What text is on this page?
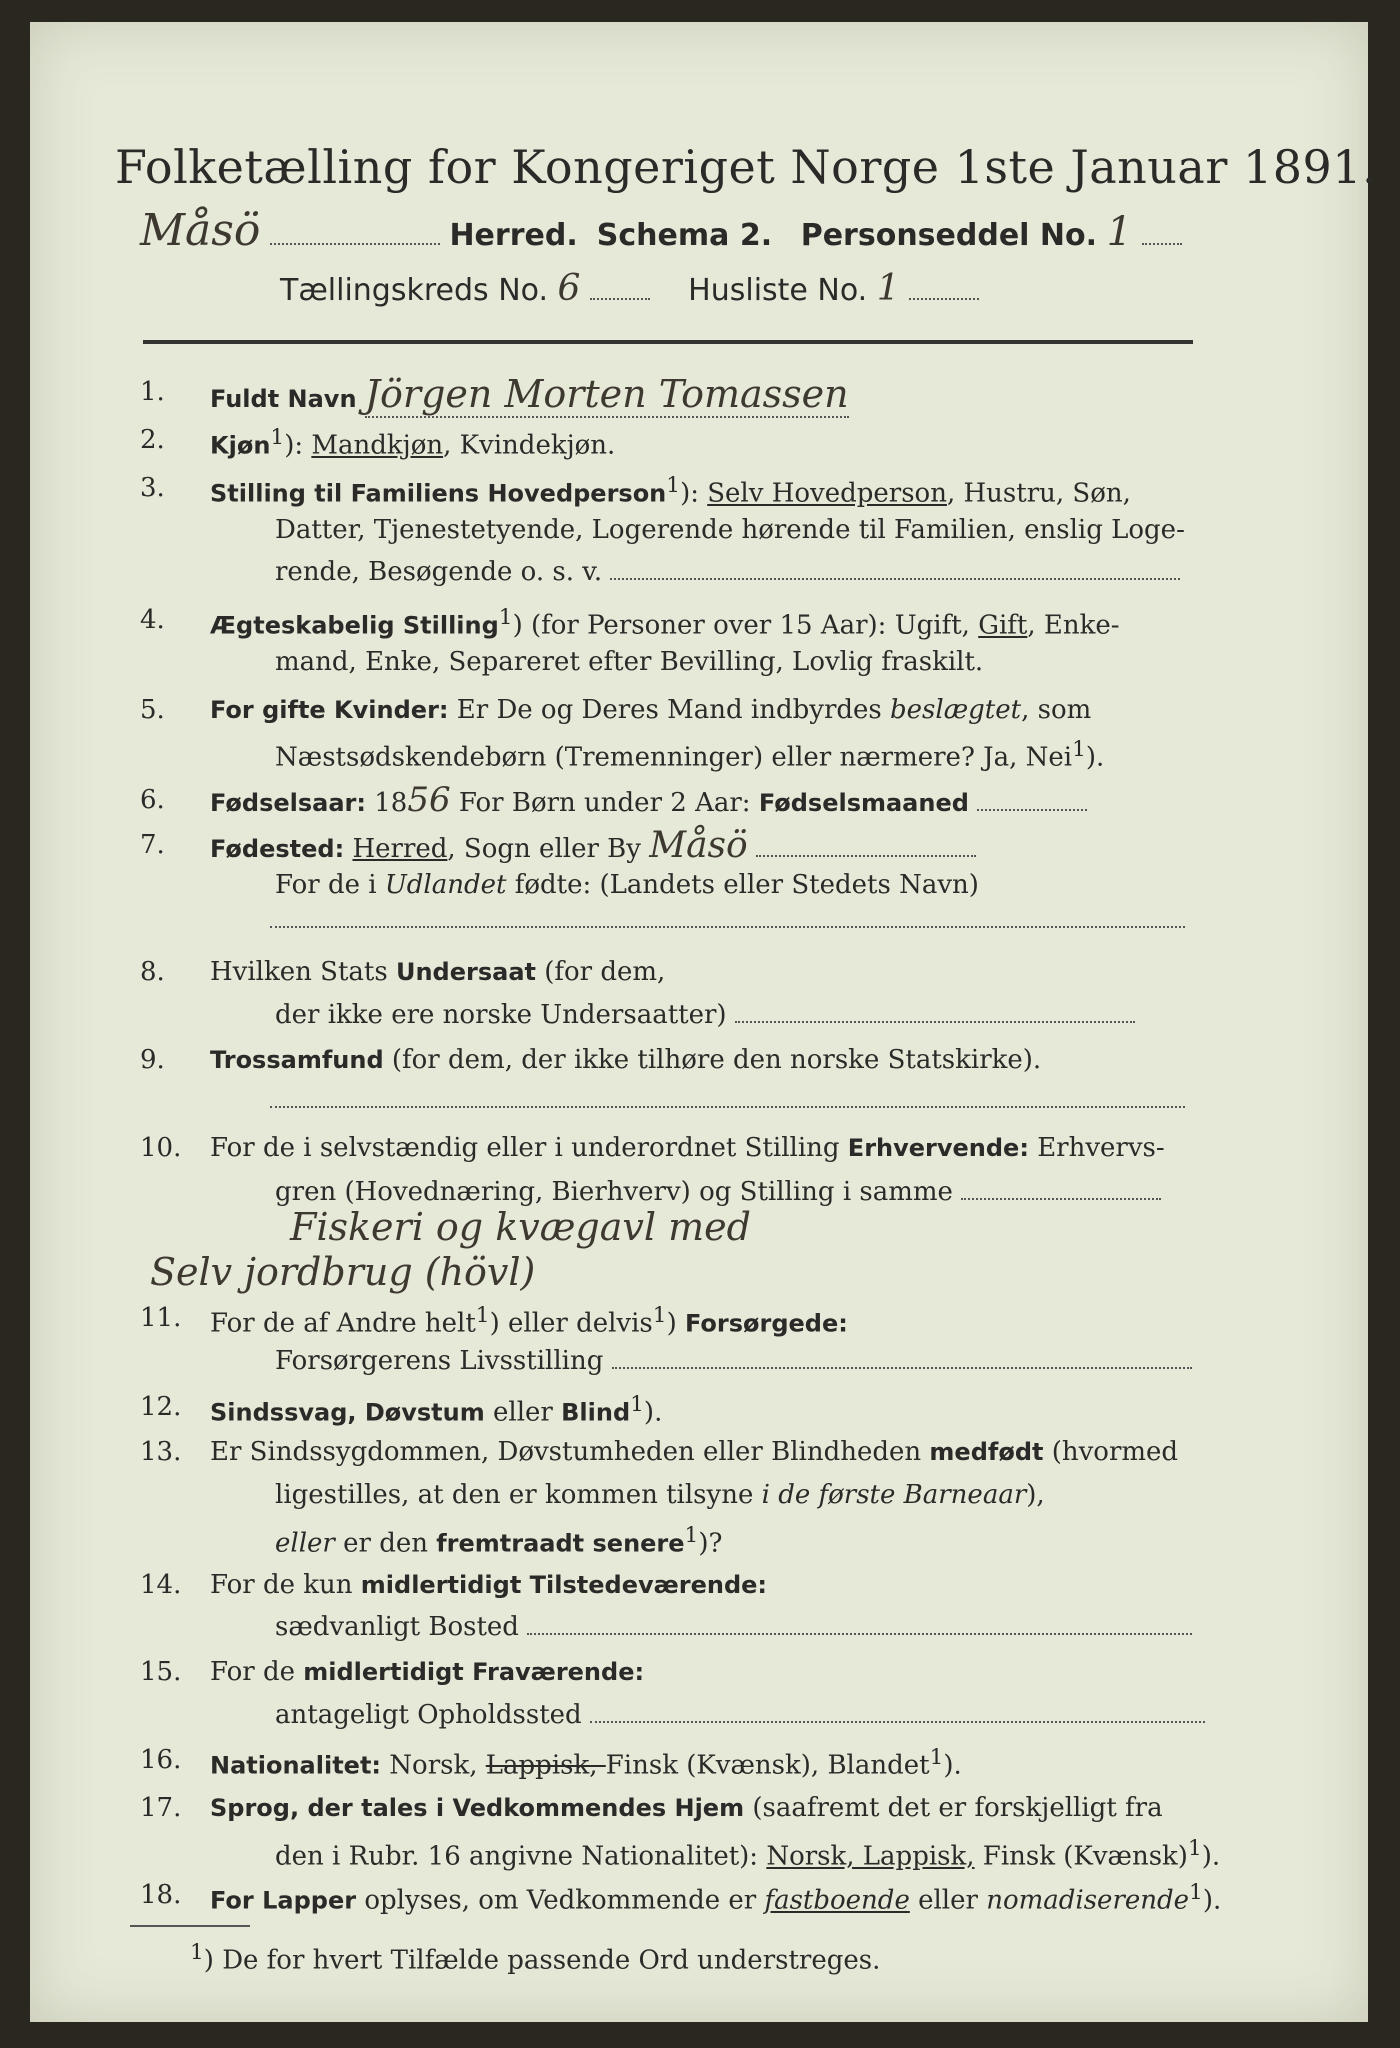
Folketælling for Kongeriget Norge 1ste Januar 1891.
Måsö	Herred. Schema 2. Personseddel No. 1
Tællingskreds No. 6	Husliste No. 1
1. Fuldt Navn Jörgen Morten Tomassen
2. Kjøn$^1$): Mandkjøn, Kvindekjøn.
3. Stilling til Familiens Hovedperson$^1$): Selv Hovedperson, Hustru, Søn,
Datter, Tjenestetyende, Logerende hørende til Familien, enslig Loge-
rende, Besøgende o. s. v.
4. Ægteskabelig Stilling$^1$) (for Personer over 15 Aar): Ugift, Gift, Enke-
mand, Enke, Separeret efter Bevilling, Lovlig fraskilt.
5. For gifte Kvinder: Er De og Deres Mand indbyrdes beslægtet, som
Næstsødskendebørn (Tremenninger) eller nærmere? Ja, Nei$^1$).
6. Fødselsaar: 1856 For Børn under 2 Aar: Fødselsmaaned
7. Fødested: Herred, Sogn eller By Måsö
For de i Udlandet fødte: (Landets eller Stedets Navn)
8. Hvilken Stats Undersaat (for dem,
der ikke ere norske Undersaatter)
9. Trossamfund (for dem, der ikke tilhøre den norske Statskirke).
10. For de i selvstændig eller i underordnet Stilling Erhvervende: Erhvervs-
gren (Hovednæring, Bierhverv) og Stilling i samme
Fiskeri og kvægavl med
Selv jordbrug (hövl)
11. For de af Andre helt$^1$) eller delvis$^1$) Forsørgede:
Forsørgerens Livsstilling
12. Sindssvag, Døvstum eller Blind$^1$).
13. Er Sindssygdommen, Døvstumheden eller Blindheden medfødt (hvormed
ligestilles, at den er kommen tilsyne i de første Barneaar),
eller er den fremtraadt senere$^1$)?
14. For de kun midlertidigt Tilstedeværende:
sædvanligt Bosted
15. For de midlertidigt Fraværende:
antageligt Opholdssted
16. Nationalitet: Norsk, Lappisk, Finsk (Kvænsk), Blandet$^1$).
17. Sprog, der tales i Vedkommendes Hjem (saafremt det er forskjelligt fra
den i Rubr. 16 angivne Nationalitet): Norsk, Lappisk, Finsk (Kvænsk)$^1$).
18. For Lapper oplyses, om Vedkommende er fastboende eller nomadiserende$^1$).
$^1$) De for hvert Tilfælde passende Ord understreges.
